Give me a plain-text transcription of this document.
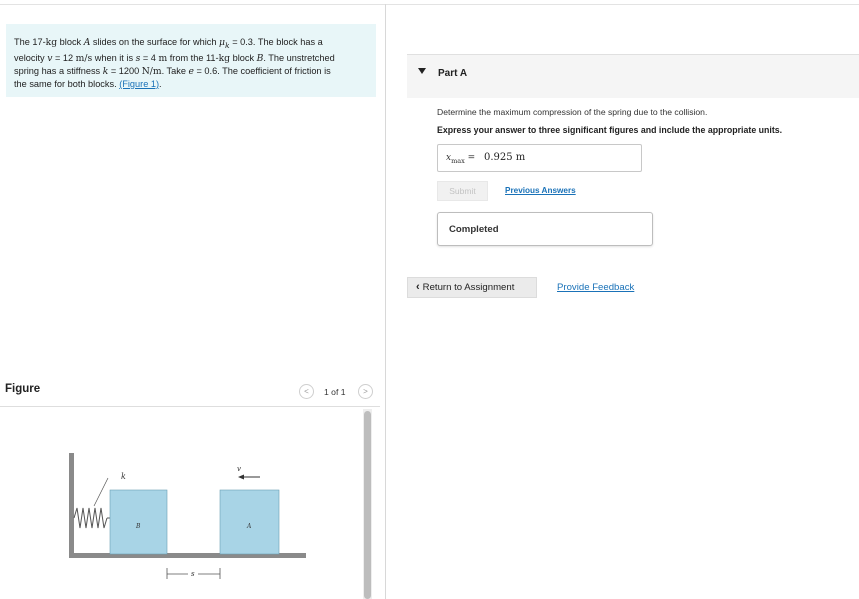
The 17-kg block A slides on the surface for which $\mu_k = 0.3$. The block has a
velocity v = 12 m/s when it is s = 4 m from the 11-kg block B. The unstretched
spring has a stiffness k = 1200 N/m. Take e = 0.6. The coefficient of friction is
the same for both blocks. (Figure 1).
Part A
Determine the maximum compression of the spring due to the collision.
Express your answer to three significant figures and include the appropriate units.
$x_{max} = 0.925$ m
Submit	Previous Answers
Completed
‹ Return to Assignment	Provide Feedback
Figure	<	1 of 1	>
k
B	A
v
s
